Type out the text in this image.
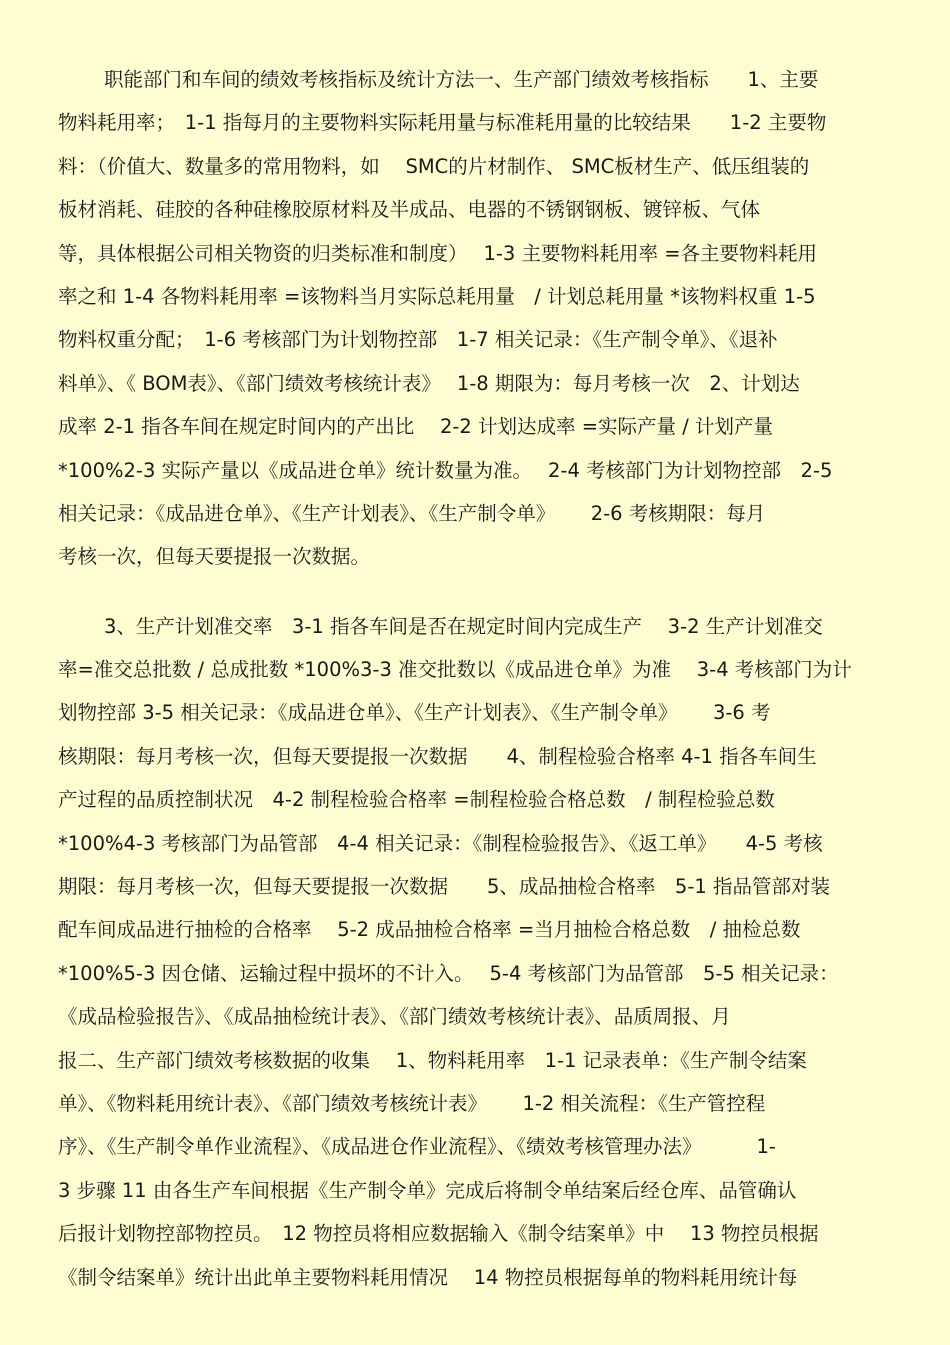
职能部门和车间的绩效考核指标及统计方法一、生产部门绩效考核指标　　1、主要
物料耗用率；　1-1 指每月的主要物料实际耗用量与标准耗用量的比较结果　　1-2 主要物
料：（价值大、数量多的常用物料，如　 SMC的片材制作、 SMC板材生产、低压组装的
板材消耗、硅胶的各种硅橡胶原材料及半成品、电器的不锈钢钢板、镀锌板、气体
等，具体根据公司相关物资的归类标准和制度）　 1-3 主要物料耗用率 =各主要物料耗用
率之和 1-4 各物料耗用率 =该物料当月实际总耗用量　/ 计划总耗用量 *该物料权重 1-5
物料权重分配；　1-6 考核部门为计划物控部　1-7 相关记录：《生产制令单》、《退补
料单》、《 BOM表》、《部门绩效考核统计表》　 1-8 期限为：每月考核一次　2、计划达
成率 2-1 指各车间在规定时间内的产出比　 2-2 计划达成率 =实际产量 / 计划产量
*100%2-3 实际产量以《成品进仓单》统计数量为准。　 2-4 考核部门为计划物控部　2-5
相关记录：《成品进仓单》、《生产计划表》、《生产制令单》　　 2-6 考核期限：每月
考核一次，但每天要提报一次数据。
3、生产计划准交率　3-1 指各车间是否在规定时间内完成生产　 3-2 生产计划准交
率=准交总批数 / 总成批数 *100%3-3 准交批数以《成品进仓单》为准　 3-4 考核部门为计
划物控部 3-5 相关记录：《成品进仓单》、《生产计划表》、《生产制令单》　　 3-6 考
核期限：每月考核一次，但每天要提报一次数据　　4、制程检验合格率 4-1 指各车间生
产过程的品质控制状况　4-2 制程检验合格率 =制程检验合格总数　/ 制程检验总数
*100%4-3 考核部门为品管部　4-4 相关记录：《制程检验报告》、《返工单》　　4-5 考核
期限：每月考核一次，但每天要提报一次数据　　5、成品抽检合格率　5-1 指品管部对装
配车间成品进行抽检的合格率　 5-2 成品抽检合格率 =当月抽检合格总数　/ 抽检总数
*100%5-3 因仓储、运输过程中损坏的不计入。　 5-4 考核部门为品管部　5-5 相关记录：
《成品检验报告》、《成品抽检统计表》、《部门绩效考核统计表》、品质周报、月
报二、生产部门绩效考核数据的收集　 1、物料耗用率　1-1 记录表单：《生产制令结案
单》、《物料耗用统计表》、《部门绩效考核统计表》　　 1-2 相关流程：《生产管控程
序》、《生产制令单作业流程》、《成品进仓作业流程》、《绩效考核管理办法》　　　 1-
3 步骤 11 由各生产车间根据《生产制令单》完成后将制令单结案后经仓库、品管确认
后报计划物控部物控员。　12 物控员将相应数据输入《制令结案单》中　 13 物控员根据
《制令结案单》统计出此单主要物料耗用情况　 14 物控员根据每单的物料耗用统计每
